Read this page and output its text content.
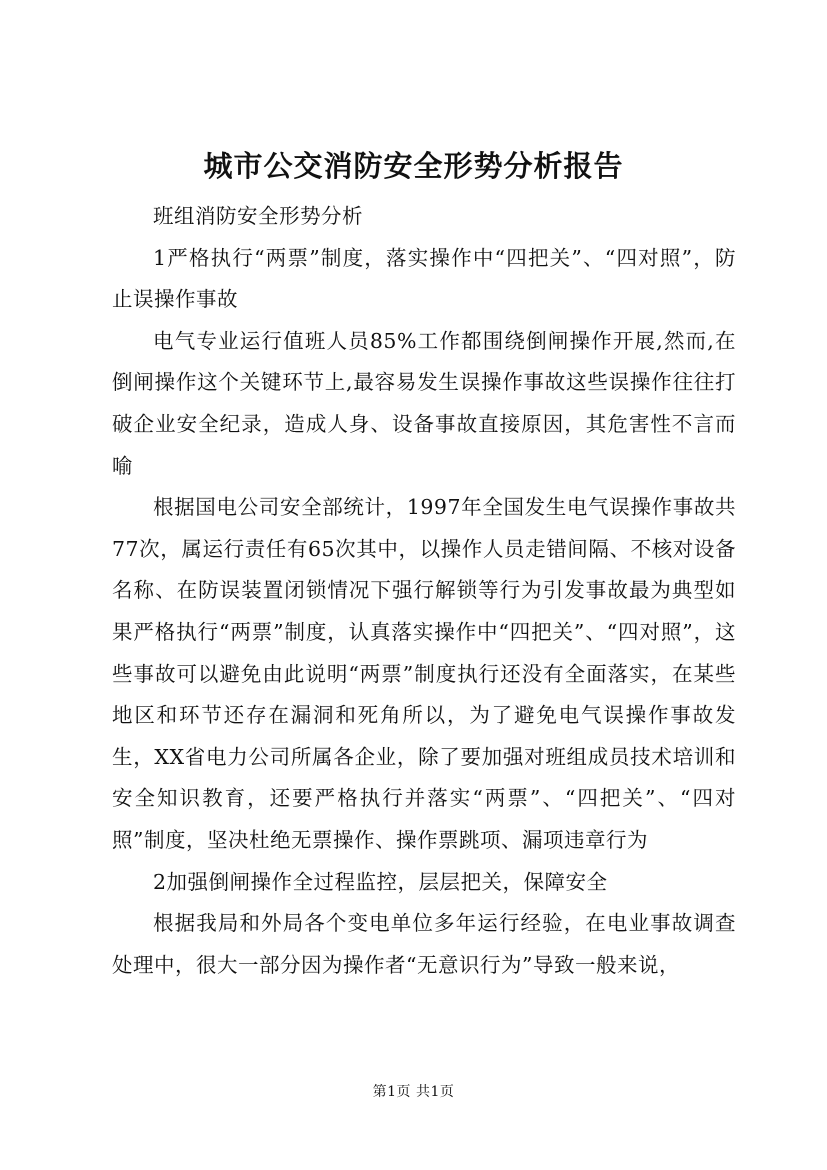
城市公交消防安全形势分析报告

班组消防安全形势分析

1严格执行“两票”制度，落实操作中“四把关”、“四对照”，防止误操作事故

电气专业运行值班人员85%工作都围绕倒闸操作开展,然而,在倒闸操作这个关键环节上,最容易发生误操作事故这些误操作往往打破企业安全纪录，造成人身、设备事故直接原因，其危害性不言而喻

根据国电公司安全部统计，1997年全国发生电气误操作事故共77次，属运行责任有65次其中，以操作人员走错间隔、不核对设备名称、在防误装置闭锁情况下强行解锁等行为引发事故最为典型如果严格执行“两票”制度，认真落实操作中“四把关”、“四对照”，这些事故可以避免由此说明“两票”制度执行还没有全面落实，在某些地区和环节还存在漏洞和死角所以，为了避免电气误操作事故发生，XX省电力公司所属各企业，除了要加强对班组成员技术培训和安全知识教育，还要严格执行并落实“两票”、“四把关”、“四对照”制度，坚决杜绝无票操作、操作票跳项、漏项违章行为

2加强倒闸操作全过程监控，层层把关，保障安全

根据我局和外局各个变电单位多年运行经验，在电业事故调查处理中，很大一部分因为操作者“无意识行为”导致一般来说，

第1页 共1页
